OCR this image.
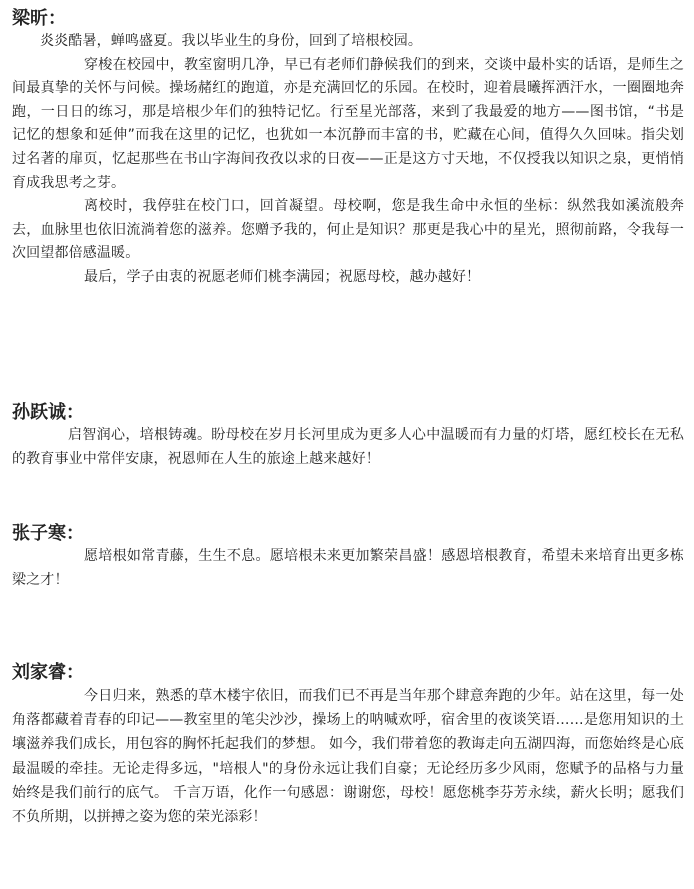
梁昕：

炎炎酷暑，蝉鸣盛夏。我以毕业生的身份，回到了培根校园。

穿梭在校园中，教室窗明几净，早已有老师们静候我们的到来，交谈中最朴实的话语，是师生之间最真挚的关怀与问候。操场赭红的跑道，亦是充满回忆的乐园。在校时，迎着晨曦挥洒汗水，一圈圈地奔跑，一日日的练习，那是培根少年们的独特记忆。行至星光部落，来到了我最爱的地方——图书馆，“书是记忆的想象和延伸”而我在这里的记忆，也犹如一本沉静而丰富的书，贮藏在心间，值得久久回味。指尖划过名著的扉页，忆起那些在书山字海间孜孜以求的日夜——正是这方寸天地，不仅授我以知识之泉，更悄悄育成我思考之芽。

离校时，我停驻在校门口，回首凝望。母校啊，您是我生命中永恒的坐标：纵然我如溪流般奔去，血脉里也依旧流淌着您的滋养。您赠予我的，何止是知识？那更是我心中的星光，照彻前路，令我每一次回望都倍感温暖。

最后，学子由衷的祝愿老师们桃李满园；祝愿母校，越办越好！

孙跃诚：

启智润心，培根铸魂。盼母校在岁月长河里成为更多人心中温暖而有力量的灯塔，愿红校长在无私的教育事业中常伴安康，祝恩师在人生的旅途上越来越好！

张子寒：

愿培根如常青藤，生生不息。愿培根未来更加繁荣昌盛！感恩培根教育，希望未来培育出更多栋梁之才！

刘家睿：

今日归来，熟悉的草木楼宇依旧，而我们已不再是当年那个肆意奔跑的少年。站在这里，每一处角落都藏着青春的印记——教室里的笔尖沙沙，操场上的呐喊欢呼，宿舍里的夜谈笑语……是您用知识的土壤滋养我们成长，用包容的胸怀托起我们的梦想。 如今，我们带着您的教诲走向五湖四海，而您始终是心底最温暖的牵挂。无论走得多远，"培根人"的身份永远让我们自豪；无论经历多少风雨，您赋予的品格与力量始终是我们前行的底气。 千言万语，化作一句感恩：谢谢您，母校！愿您桃李芬芳永续，薪火长明；愿我们不负所期，以拼搏之姿为您的荣光添彩！
